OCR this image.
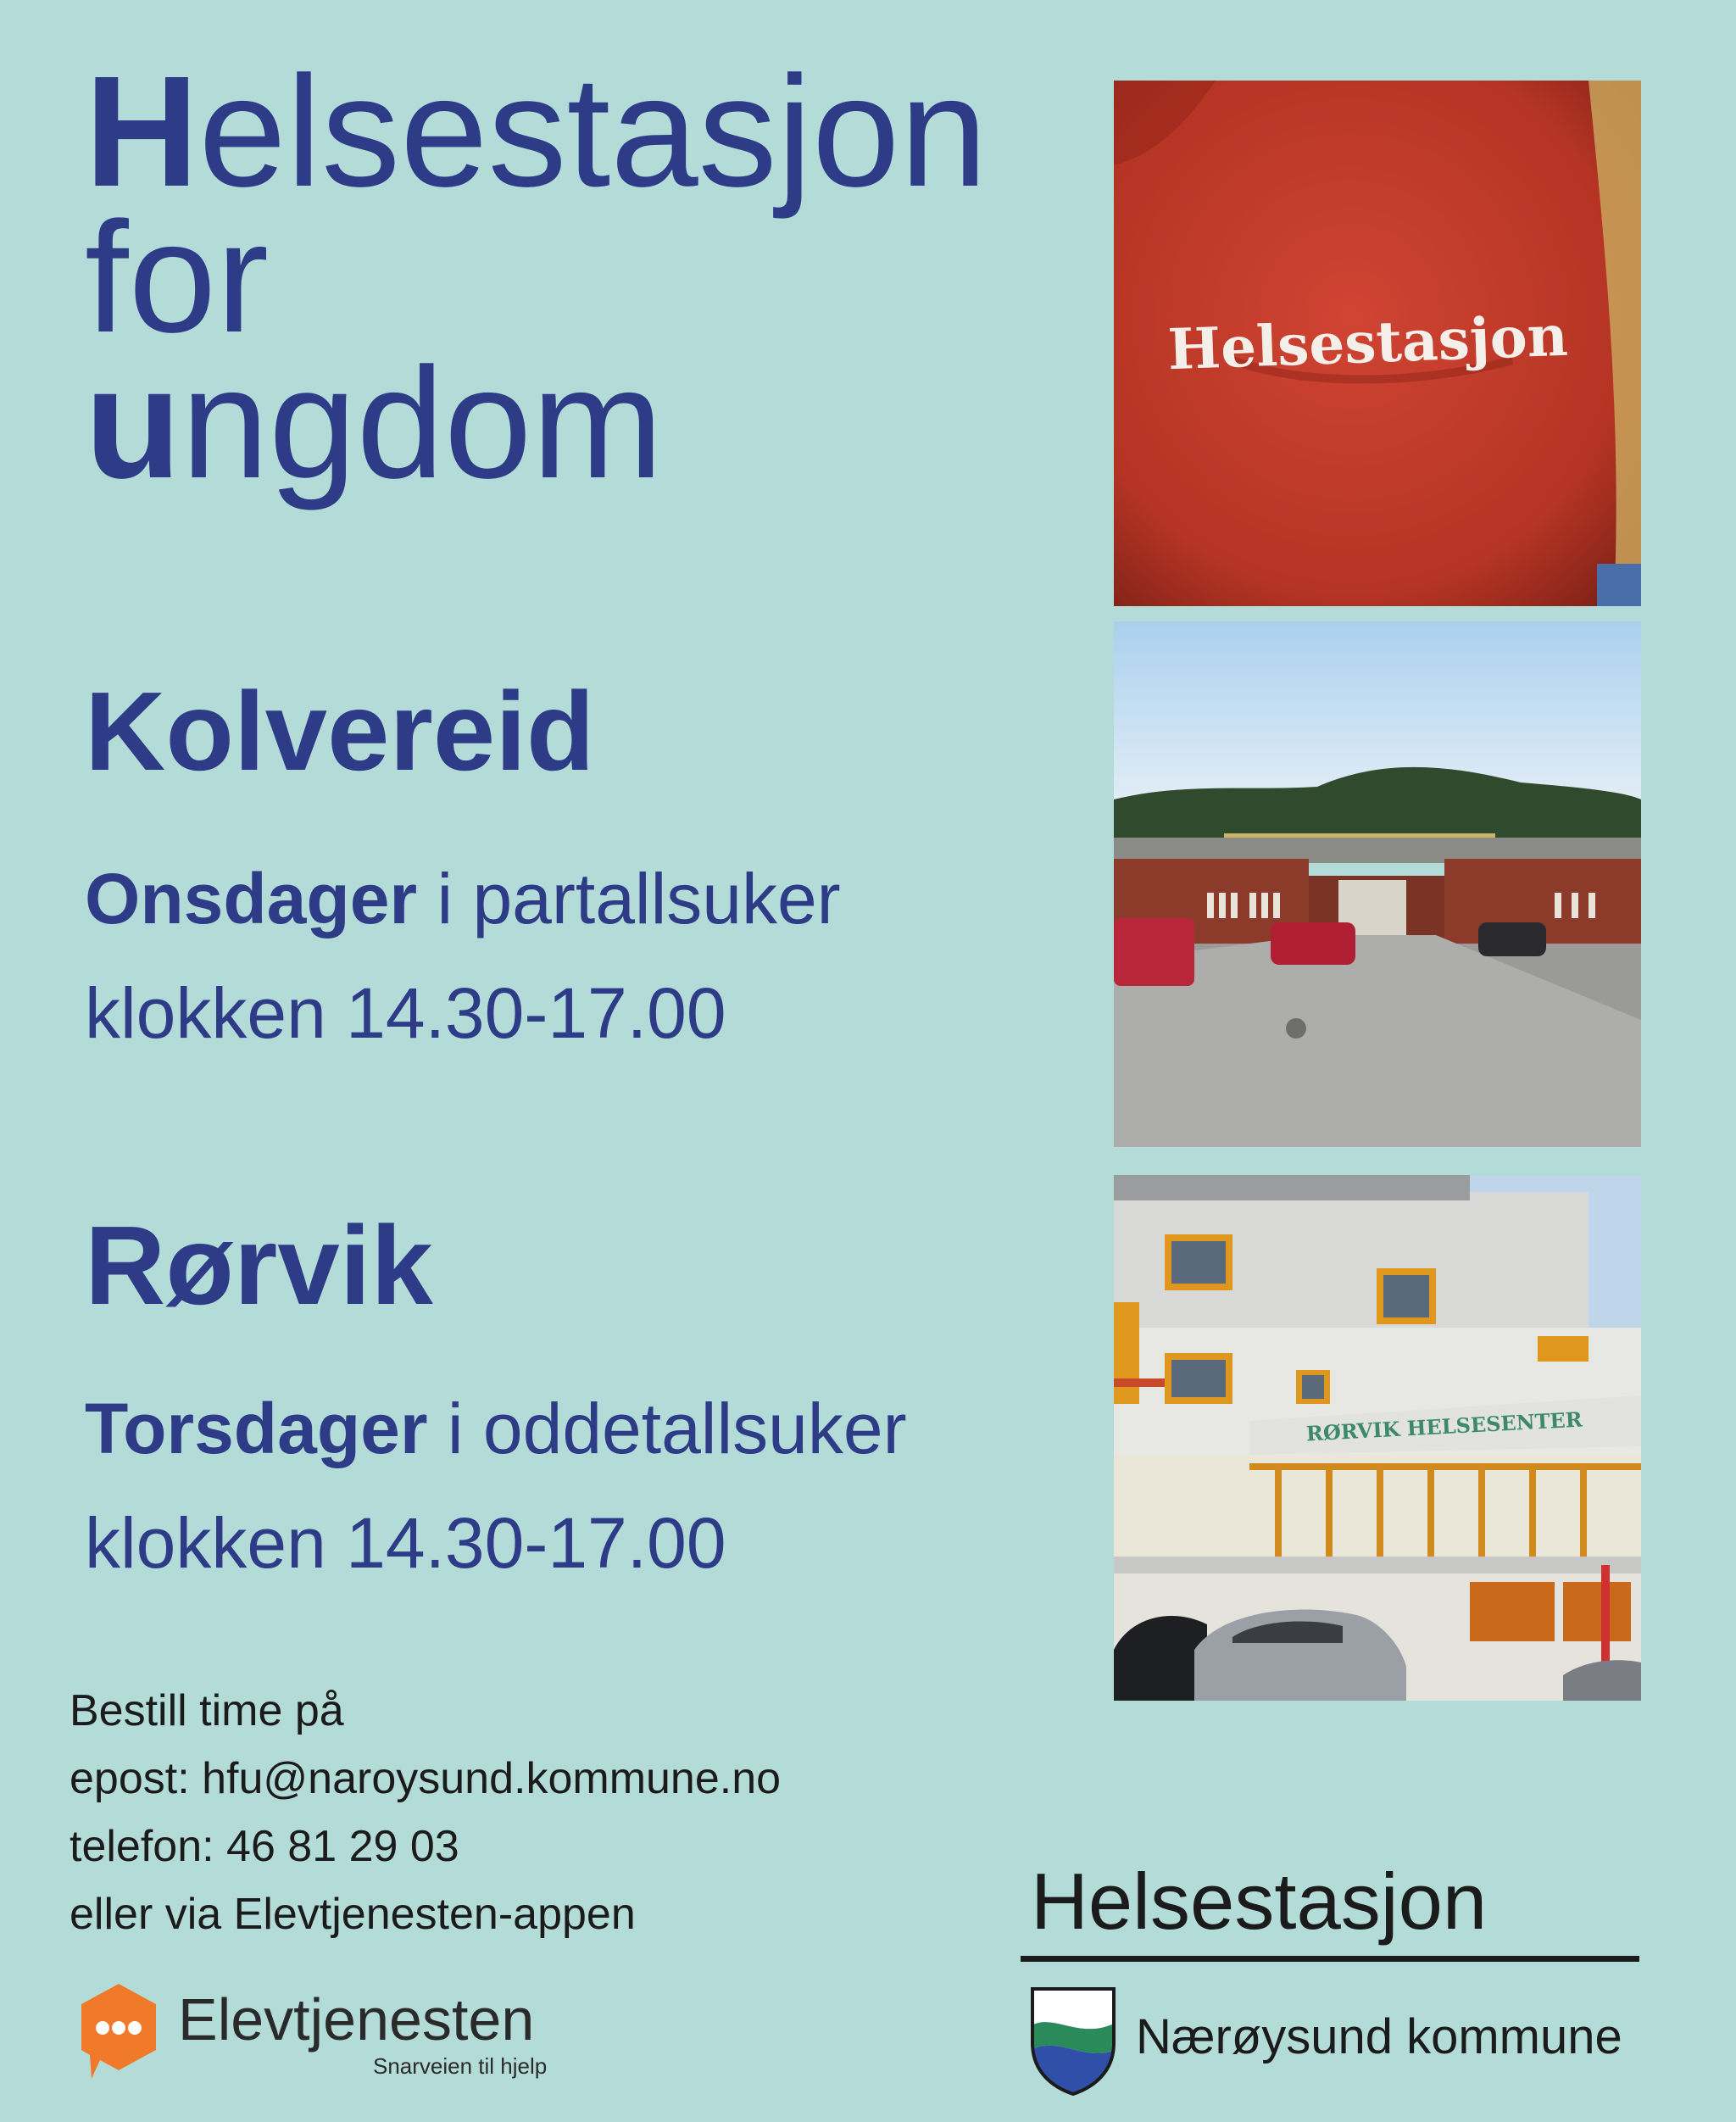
Helsestasjon
for
ungdom
Kolvereid
Onsdager i partallsuker
klokken 14.30-17.00
Rørvik
Torsdager i oddetallsuker
klokken 14.30-17.00
Bestill time på
epost: hfu@naroysund.kommune.no
telefon: 46 81 29 03
eller via Elevtjenesten-appen
Elevtjenesten
Snarveien til hjelp
Helsestasjon
Nærøysund kommune
Helsestasjon
RØRVIK HELSESENTER
